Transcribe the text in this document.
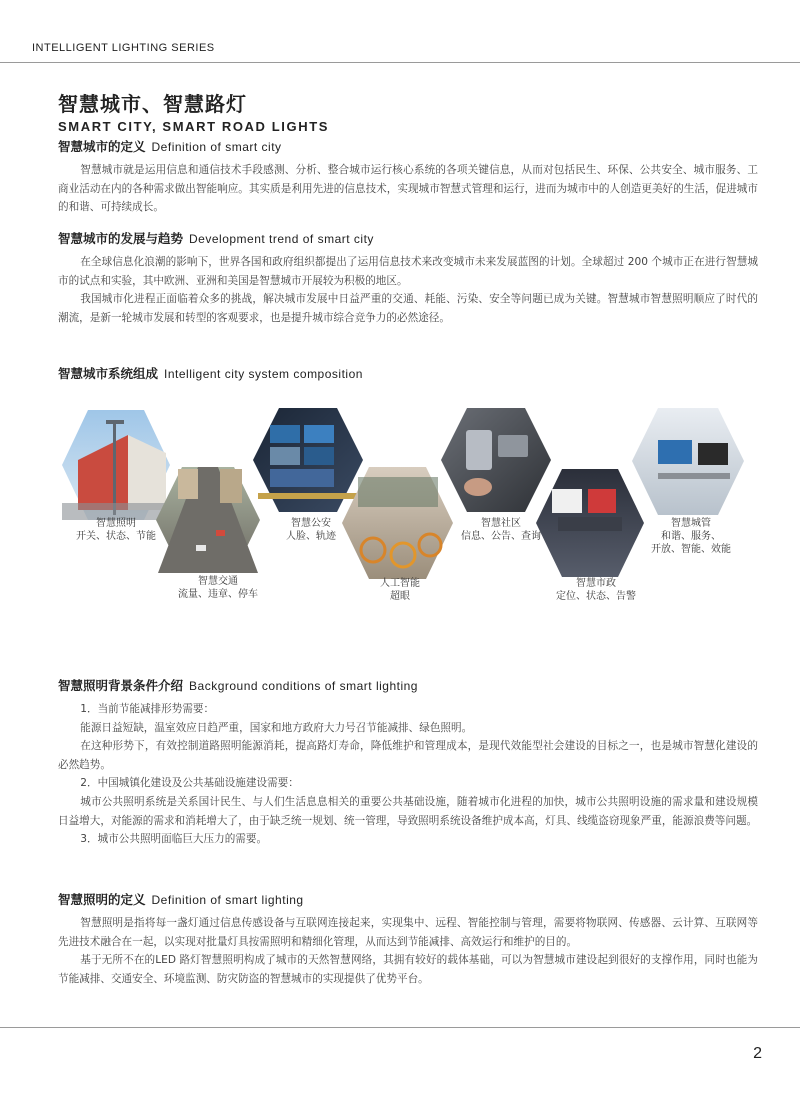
INTELLIGENT LIGHTING SERIES
智慧城市、智慧路灯
SMART CITY, SMART ROAD LIGHTS
智慧城市的定义 Definition of smart city

智慧城市就是运用信息和通信技术手段感测、分析、整合城市运行核心系统的各项关键信息，从而对包括民生、环保、公共安全、城市服务、工商业活动在内的各种需求做出智能响应。其实质是利用先进的信息技术，实现城市智慧式管理和运行，进而为城市中的人创造更美好的生活，促进城市的和谐、可持续成长。

智慧城市的发展与趋势 Development trend of smart city

在全球信息化浪潮的影响下，世界各国和政府组织都提出了运用信息技术来改变城市未来发展蓝图的计划。全球超过 200 个城市正在进行智慧城市的试点和实验，其中欧洲、亚洲和美国是智慧城市开展较为积极的地区。

我国城市化进程正面临着众多的挑战，解决城市发展中日益严重的交通、耗能、污染、安全等问题已成为关键。智慧城市智慧照明顺应了时代的潮流，是新一轮城市发展和转型的客观要求，也是提升城市综合竞争力的必然途径。

智慧城市系统组成 Intelligent city system composition
智慧照明
开关、状态、节能
智慧交通
流量、违章、停车
智慧公安
人脸、轨迹
人工智能
超眼
智慧社区
信息、公告、查询
智慧市政
定位、状态、告警
智慧城管
和谐、服务、
开放、智能、效能
智慧照明背景条件介绍 Background conditions of smart lighting

1．当前节能减排形势需要：

能源日益短缺，温室效应日趋严重，国家和地方政府大力号召节能减排、绿色照明。

在这种形势下，有效控制道路照明能源消耗，提高路灯寿命，降低维护和管理成本，是现代效能型社会建设的目标之一，也是城市智慧化建设的必然趋势。

2．中国城镇化建设及公共基础设施建设需要：

城市公共照明系统是关系国计民生、与人们生活息息相关的重要公共基础设施，随着城市化进程的加快，城市公共照明设施的需求量和建设规模日益增大，对能源的需求和消耗增大了，由于缺乏统一规划、统一管理，导致照明系统设备维护成本高，灯具、线缆盗窃现象严重，能源浪费等问题。

3．城市公共照明面临巨大压力的需要。

智慧照明的定义 Definition of smart lighting

智慧照明是指将每一盏灯通过信息传感设备与互联网连接起来，实现集中、远程、智能控制与管理，需要将物联网、传感器、云计算、互联网等先进技术融合在一起，以实现对批量灯具按需照明和精细化管理，从而达到节能减排、高效运行和维护的目的。

基于无所不在的LED 路灯智慧照明构成了城市的天然智慧网络，其拥有较好的载体基础，可以为智慧城市建设起到很好的支撑作用，同时也能为节能减排、交通安全、环境监测、防灾防盗的智慧城市的实现提供了优势平台。

2
